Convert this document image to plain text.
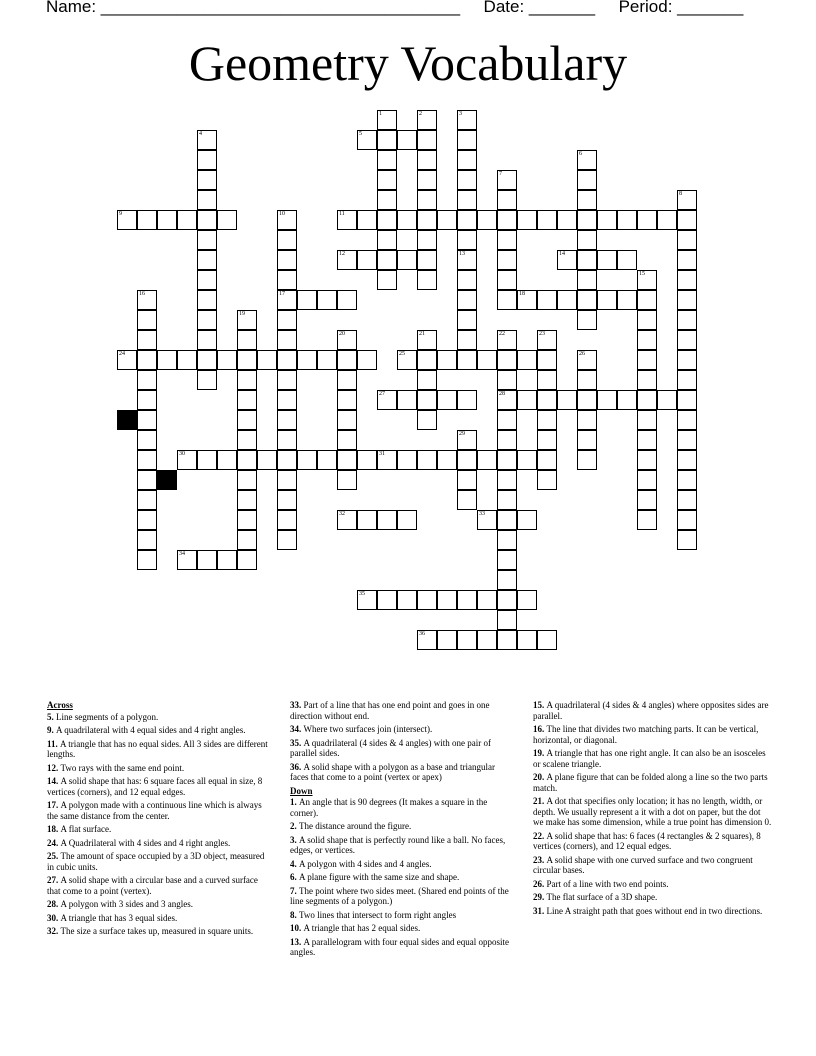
Name: ______________________________________ Date: _______ Period: _______
Geometry Vocabulary
5
9	11
12	14
17	18
24	25
27	28
30	31
32	33
34
35
36
1	2	3
13
4
6
7
8
10
15
16
19
20	21	22	23
26
29
Across
5. Line segments of a polygon.
9. A quadrilateral with 4 equal sides and 4 right angles.
11. A triangle that has no equal sides. All 3 sides are different lengths.
12. Two rays with the same end point.
14. A solid shape that has: 6 square faces all equal in size, 8 vertices (corners), and 12 equal edges.
17. A polygon made with a continuous line which is always the same distance from the center.
18. A flat surface.
24. A Quadrilateral with 4 sides and 4 right angles.
25. The amount of space occupied by a 3D object, measured in cubic units.
27. A solid shape with a circular base and a curved surface that come to a point (vertex).
28. A polygon with 3 sides and 3 angles.
30. A triangle that has 3 equal sides.
32. The size a surface takes up, measured in square units.
33. Part of a line that has one end point and goes in one direction without end.
34. Where two surfaces join (intersect).
35. A quadrilateral (4 sides & 4 angles) with one pair of parallel sides.
36. A solid shape with a polygon as a base and triangular faces that come to a point (vertex or apex)
Down
1. An angle that is 90 degrees (It makes a square in the corner).
2. The distance around the figure.
3. A solid shape that is perfectly round like a ball. No faces, edges, or vertices.
4. A polygon with 4 sides and 4 angles.
6. A plane figure with the same size and shape.
7. The point where two sides meet. (Shared end points of the line segments of a polygon.)
8. Two lines that intersect to form right angles
10. A triangle that has 2 equal sides.
13. A parallelogram with four equal sides and equal opposite angles.
15. A quadrilateral (4 sides & 4 angles) where opposites sides are parallel.
16. The line that divides two matching parts. It can be vertical, horizontal, or diagonal.
19. A triangle that has one right angle. It can also be an isosceles or scalene triangle.
20. A plane figure that can be folded along a line so the two parts match.
21. A dot that specifies only location; it has no length, width, or depth. We usually represent a it with a dot on paper, but the dot we make has some dimension, while a true point has dimension 0.
22. A solid shape that has: 6 faces (4 rectangles & 2 squares), 8 vertices (corners), and 12 equal edges.
23. A solid shape with one curved surface and two congruent circular bases.
26. Part of a line with two end points.
29. The flat surface of a 3D shape.
31. Line A straight path that goes without end in two directions.
